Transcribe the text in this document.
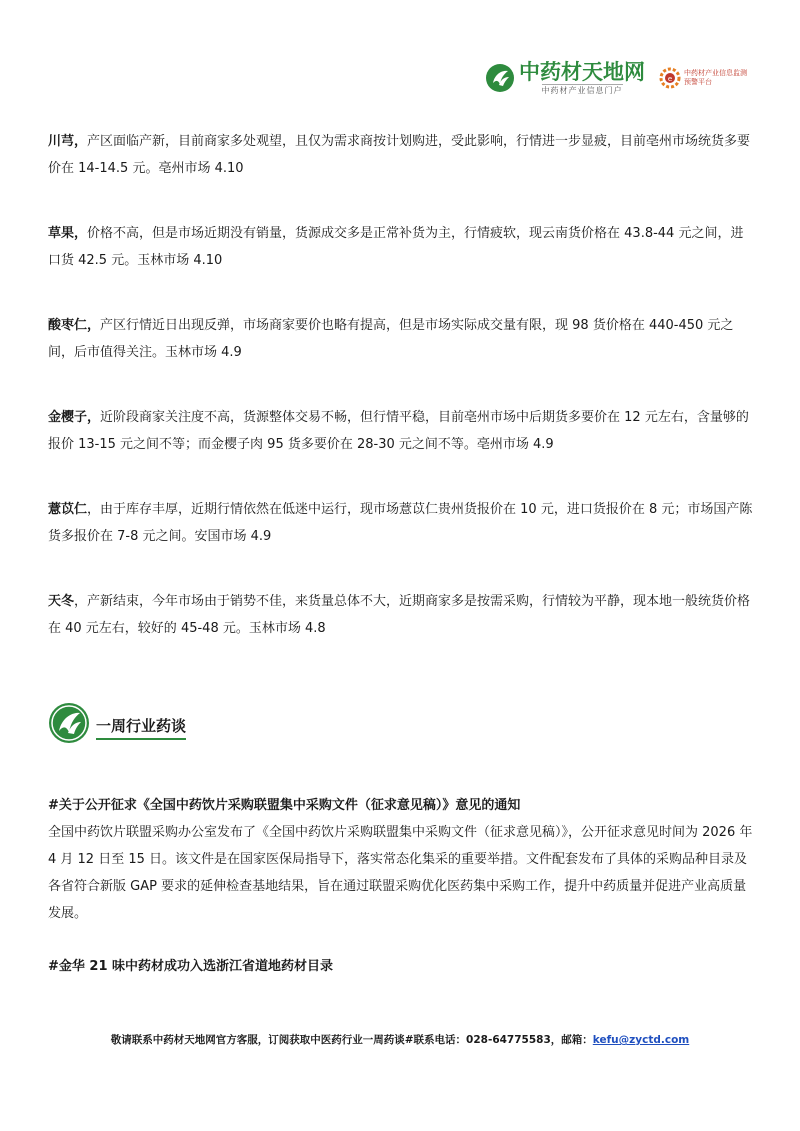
中药材天地网
中药材产业信息门户
e
中药材产业信息监测预警平台

川芎，产区面临产新，目前商家多处观望，且仅为需求商按计划购进，受此影响，行情进一步显疲，目前亳州市场统货多要价在 14-14.5 元。亳州市场 4.10

草果，价格不高，但是市场近期没有销量，货源成交多是正常补货为主，行情疲软，现云南货价格在 43.8-44 元之间，进口货 42.5 元。玉林市场 4.10

酸枣仁，产区行情近日出现反弹，市场商家要价也略有提高，但是市场实际成交量有限，现 98 货价格在 440-450 元之间，后市值得关注。玉林市场 4.9

金樱子，近阶段商家关注度不高，货源整体交易不畅，但行情平稳，目前亳州市场中后期货多要价在 12 元左右，含量够的报价 13-15 元之间不等；而金樱子肉 95 货多要价在 28-30 元之间不等。亳州市场 4.9

薏苡仁，由于库存丰厚，近期行情依然在低迷中运行，现市场薏苡仁贵州货报价在 10 元，进口货报价在 8 元；市场国产陈货多报价在 7-8 元之间。安国市场 4.9

天冬，产新结束，今年市场由于销势不佳，来货量总体不大，近期商家多是按需采购，行情较为平静，现本地一般统货价格在 40 元左右，较好的 45-48 元。玉林市场 4.8

一周行业药谈

#关于公开征求《全国中药饮片采购联盟集中采购文件（征求意见稿）》意见的通知

全国中药饮片联盟采购办公室发布了《全国中药饮片采购联盟集中采购文件（征求意见稿）》，公开征求意见时间为 2026 年 4 月 12 日至 15 日。该文件是在国家医保局指导下，落实常态化集采的重要举措。文件配套发布了具体的采购品种目录及各省符合新版 GAP 要求的延伸检查基地结果，旨在通过联盟采购优化医药集中采购工作，提升中药质量并促进产业高质量发展。

#金华 21 味中药材成功入选浙江省道地药材目录

敬请联系中药材天地网官方客服，订阅获取中医药行业一周药谈#联系电话：028-64775583，邮箱：kefu@zyctd.com
